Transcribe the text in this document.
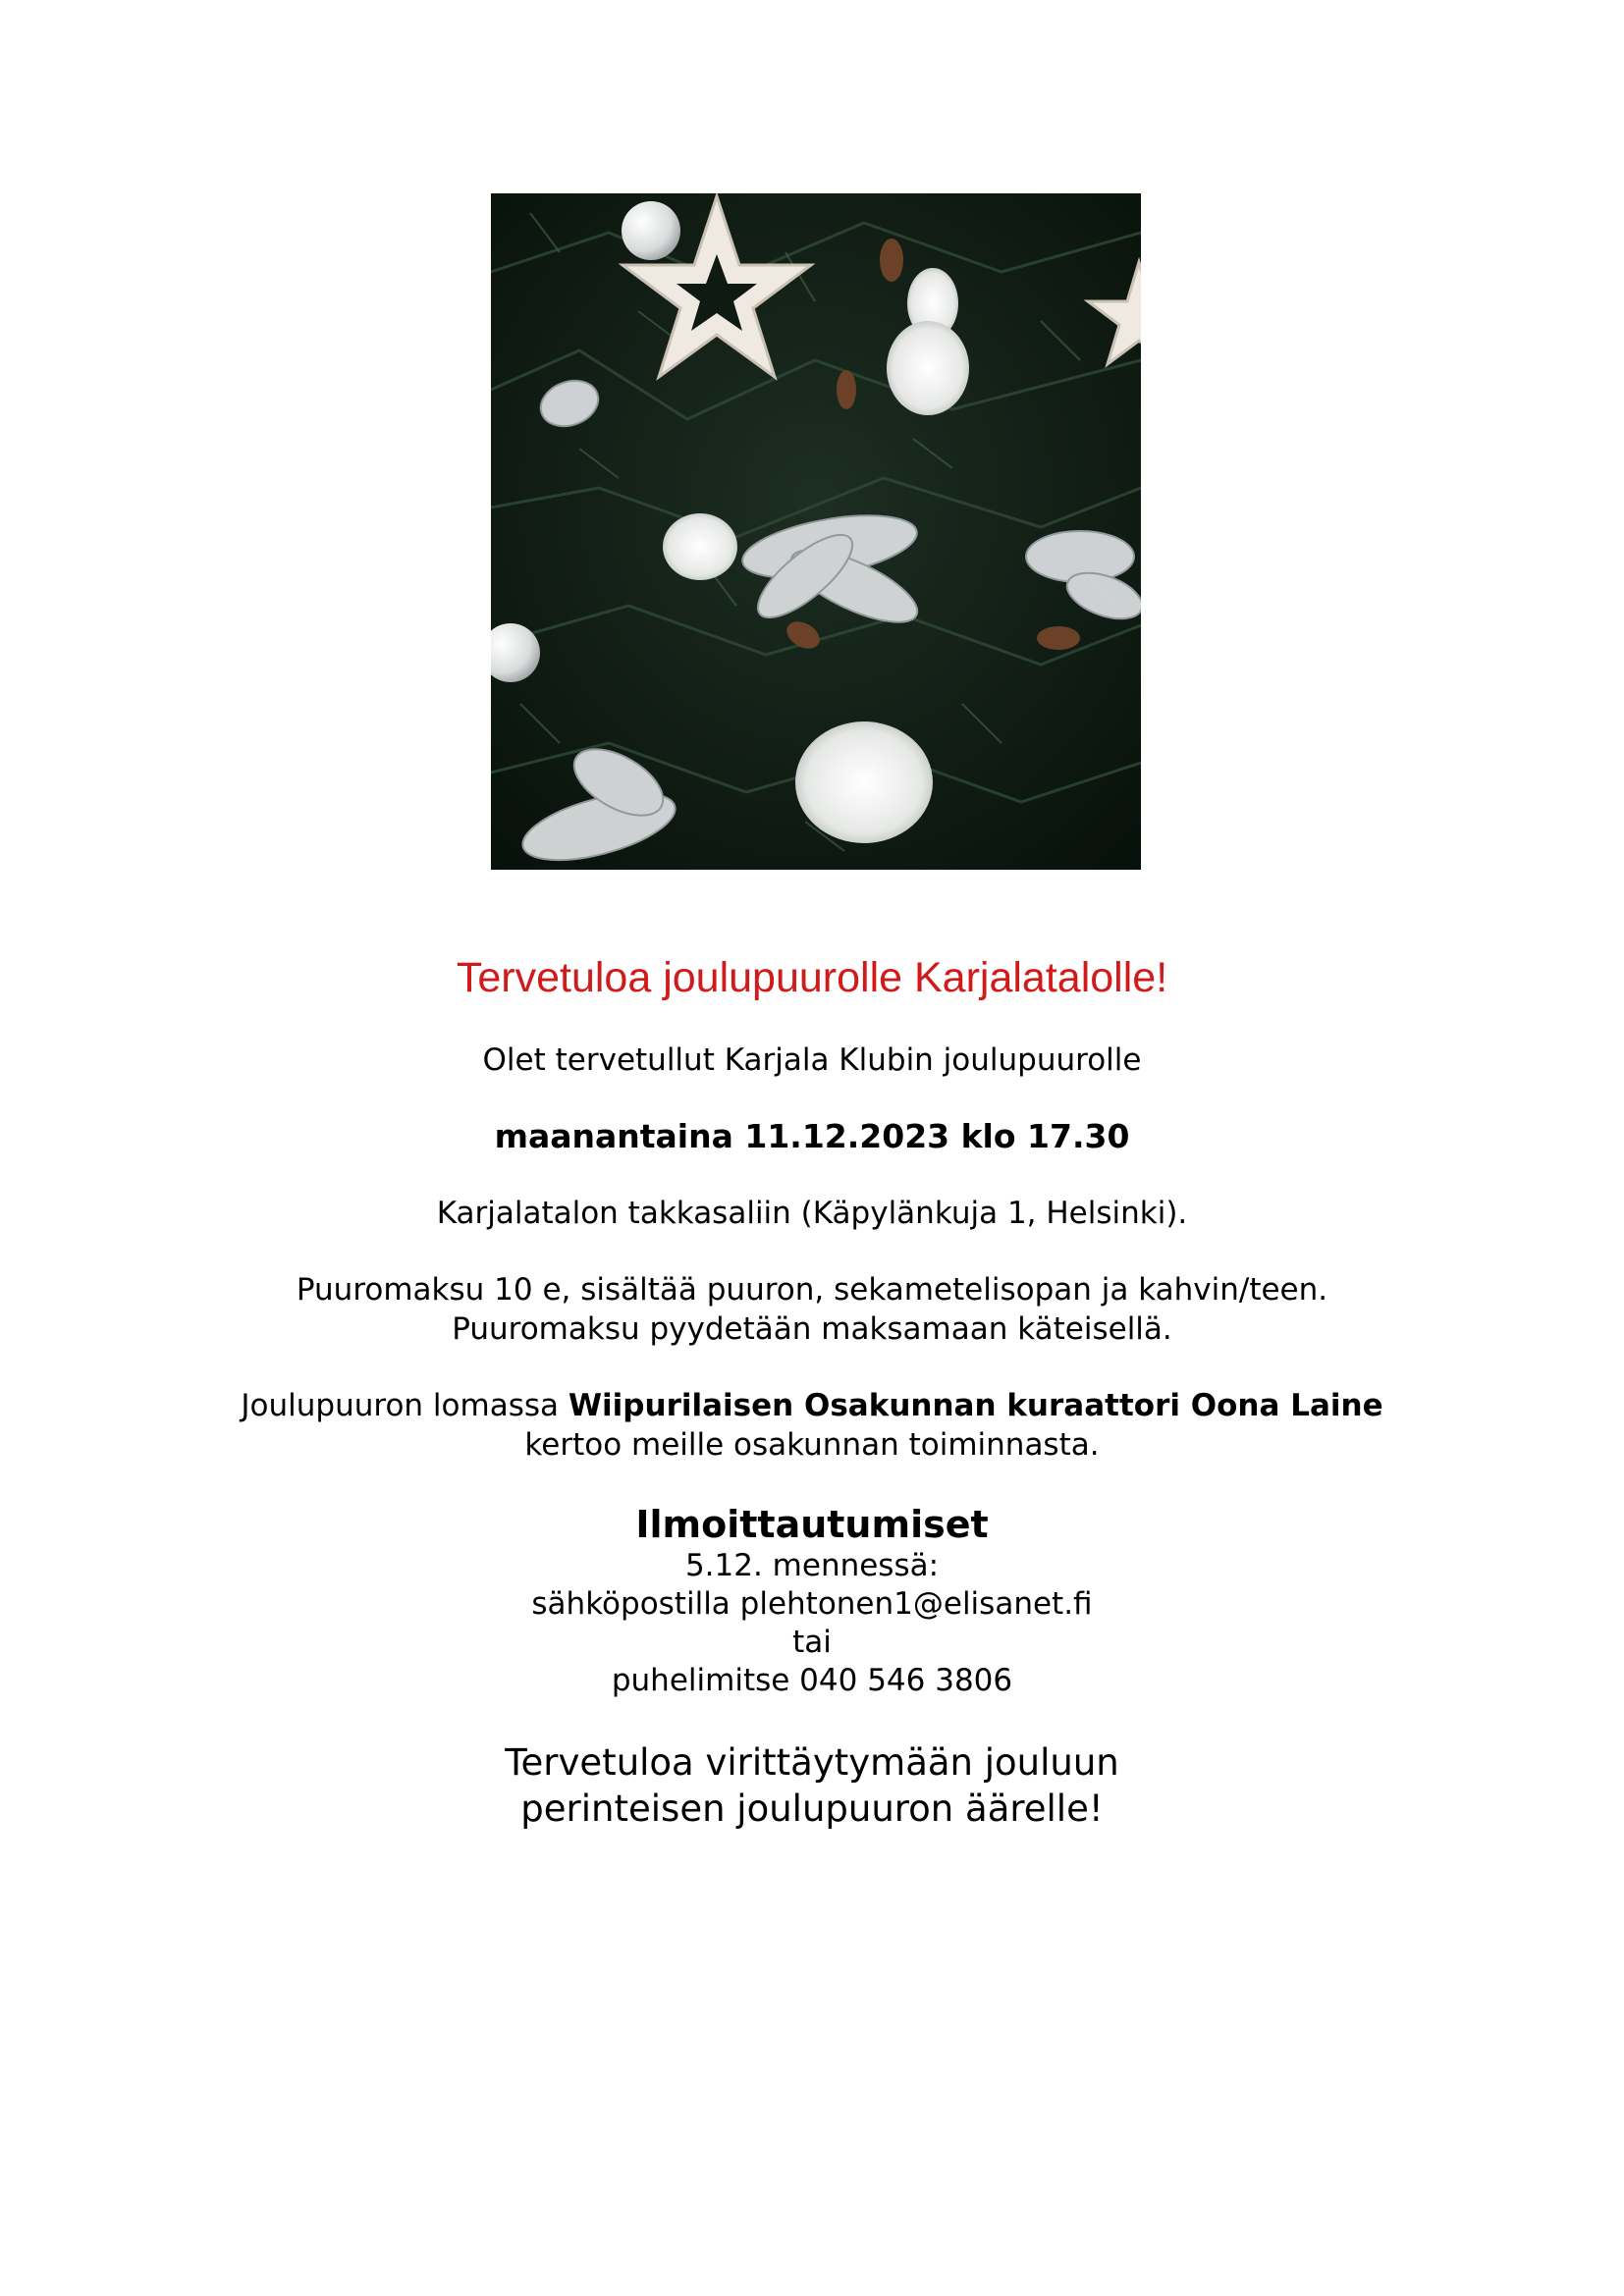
Tervetuloa joulupuurolle Karjalatalolle!

Olet tervetullut Karjala Klubin joulupuurolle

maanantaina 11.12.2023 klo 17.30

Karjalatalon takkasaliin (Käpylänkuja 1, Helsinki).

Puuromaksu 10 e, sisältää puuron, sekametelisopan ja kahvin/teen.
Puuromaksu pyydetään maksamaan käteisellä.

Joulupuuron lomassa Wiipurilaisen Osakunnan kuraattori Oona Laine
kertoo meille osakunnan toiminnasta.

Ilmoittautumiset
5.12. mennessä:
sähköpostilla plehtonen1@elisanet.fi
tai
puhelimitse 040 546 3806
Tervetuloa virittäytymään jouluun
perinteisen joulupuuron äärelle!
